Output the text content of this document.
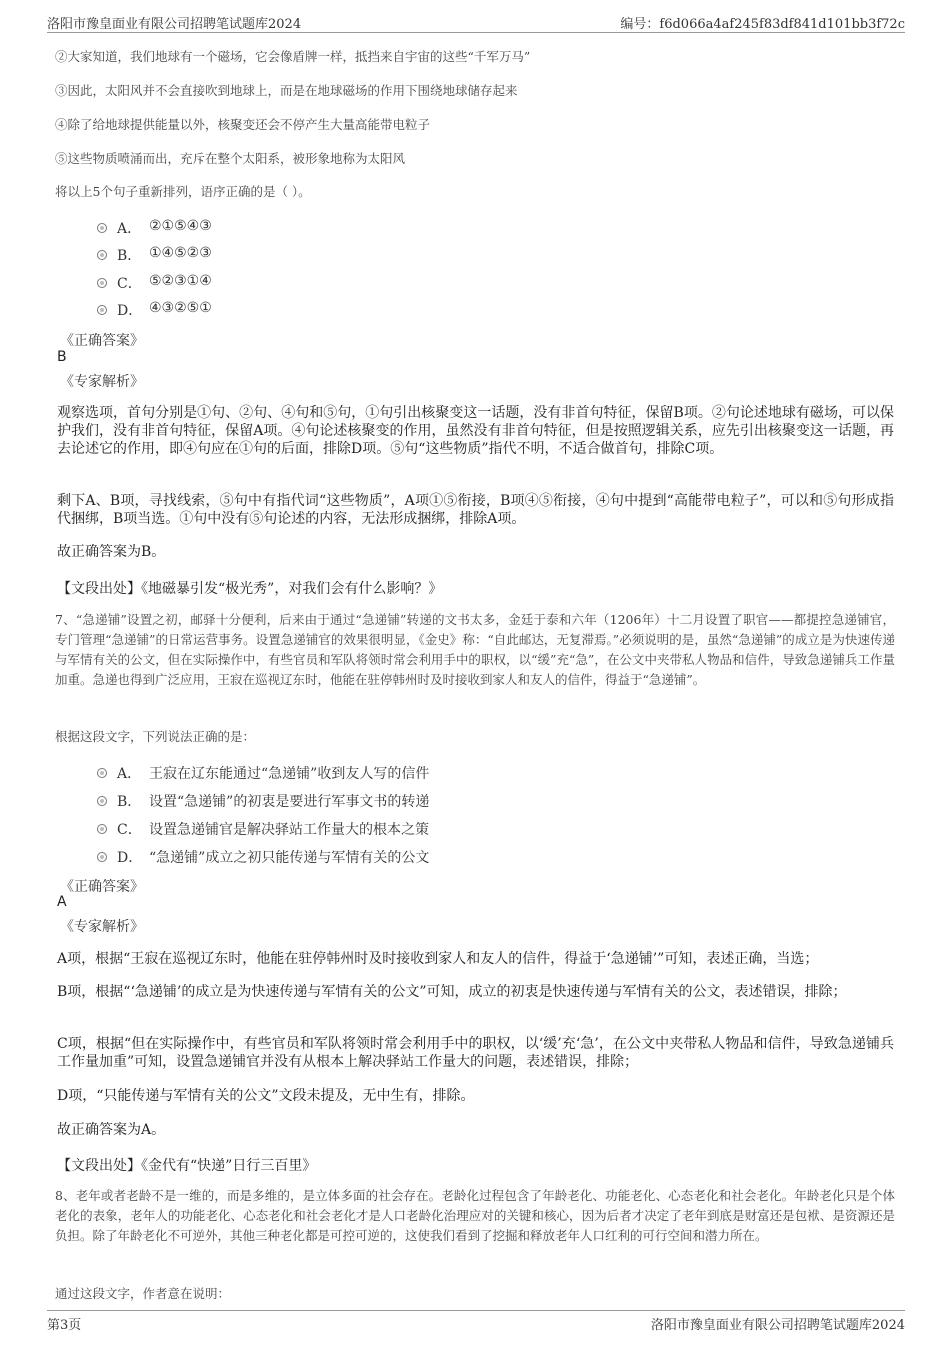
洛阳市豫皇面业有限公司招聘笔试题库2024	编号：f6d066a4af245f83df841d101bb3f72c
②大家知道，我们地球有一个磁场，它会像盾牌一样，抵挡来自宇宙的这些“千军万马”
③因此，太阳风并不会直接吹到地球上，而是在地球磁场的作用下围绕地球储存起来
④除了给地球提供能量以外，核聚变还会不停产生大量高能带电粒子
⑤这些物质喷涌而出，充斥在整个太阳系，被形象地称为太阳风
将以上5个句子重新排列，语序正确的是（ ）。
A． ②①⑤④③
B． ①④⑤②③
C． ⑤②③①④
D． ④③②⑤①
《正确答案》
B
《专家解析》
观察选项，首句分别是①句、②句、④句和⑤句，①句引出核聚变这一话题，没有非首句特征，保留B项。②句论述地球有磁场，可以保护我们，没有非首句特征，保留A项。④句论述核聚变的作用，虽然没有非首句特征，但是按照逻辑关系，应先引出核聚变这一话题，再去论述它的作用，即④句应在①句的后面，排除D项。⑤句“这些物质”指代不明，不适合做首句，排除C项。
剩下A、B项，寻找线索，⑤句中有指代词“这些物质”，A项①⑤衔接，B项④⑤衔接，④句中提到“高能带电粒子”，可以和⑤句形成指代捆绑，B项当选。①句中没有⑤句论述的内容，无法形成捆绑，排除A项。
故正确答案为B。
【文段出处】《地磁暴引发“极光秀”，对我们会有什么影响？》
7、“急递铺”设置之初，邮驿十分便利，后来由于通过“急递铺”转递的文书太多，金廷于泰和六年（1206年）十二月设置了职官——都提控急递铺官，专门管理“急递铺”的日常运营事务。设置急递铺官的效果很明显，《金史》称：“自此邮达，无复滞焉。”必须说明的是，虽然“急递铺”的成立是为快速传递与军情有关的公文，但在实际操作中，有些官员和军队将领时常会利用手中的职权，以“缓”充“急”，在公文中夹带私人物品和信件，导致急递铺兵工作量加重。急递也得到广泛应用，王寂在巡视辽东时，他能在驻停韩州时及时接收到家人和友人的信件，得益于“急递铺”。
根据这段文字，下列说法正确的是：
A． 王寂在辽东能通过“急递铺”收到友人写的信件
B． 设置“急递铺”的初衷是要进行军事文书的转递
C． 设置急递铺官是解决驿站工作量大的根本之策
D． “急递铺”成立之初只能传递与军情有关的公文
《正确答案》
A
《专家解析》
A项，根据“王寂在巡视辽东时，他能在驻停韩州时及时接收到家人和友人的信件，得益于‘急递铺’”可知，表述正确，当选；
B项，根据“‘急递铺’的成立是为快速传递与军情有关的公文”可知，成立的初衷是快速传递与军情有关的公文，表述错误，排除；
C项，根据“但在实际操作中，有些官员和军队将领时常会利用手中的职权，以‘缓’充‘急’，在公文中夹带私人物品和信件，导致急递铺兵工作量加重”可知，设置急递铺官并没有从根本上解决驿站工作量大的问题，表述错误，排除；
D项，“只能传递与军情有关的公文”文段未提及，无中生有，排除。
故正确答案为A。
【文段出处】《金代有“快递”日行三百里》
8、老年或者老龄不是一维的，而是多维的，是立体多面的社会存在。老龄化过程包含了年龄老化、功能老化、心态老化和社会老化。年龄老化只是个体老化的表象，老年人的功能老化、心态老化和社会老化才是人口老龄化治理应对的关键和核心，因为后者才决定了老年到底是财富还是包袱、是资源还是负担。除了年龄老化不可逆外，其他三种老化都是可控可逆的，这使我们看到了挖掘和释放老年人口红利的可行空间和潜力所在。
通过这段文字，作者意在说明：
第3页	洛阳市豫皇面业有限公司招聘笔试题库2024
